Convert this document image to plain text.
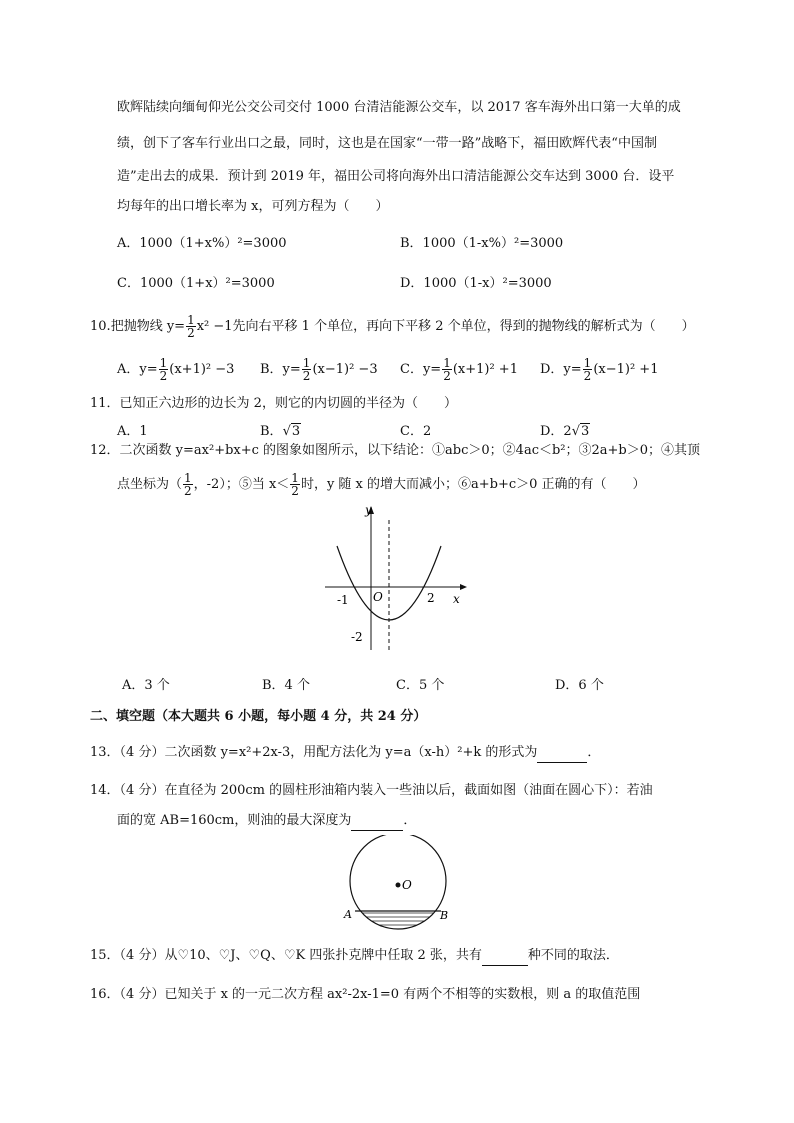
欧辉陆续向缅甸仰光公交公司交付 1000 台清洁能源公交车，以 2017 客车海外出口第一大单的成
绩，创下了客车行业出口之最，同时，这也是在国家“一带一路”战略下，福田欧辉代表“中国制
造”走出去的成果．预计到 2019 年，福田公司将向海外出口清洁能源公交车达到 3000 台．设平
均每年的出口增长率为 x，可列方程为（　　）
A．1000（1+x%）²=3000	B．1000（1-x%）²=3000
C．1000（1+x）²=3000	D．1000（1-x）²=3000
10.把抛物线 $y= \frac{1}{2} x^2 -1$先向右平移 1 个单位，再向下平移 2 个单位，得到的抛物线的解析式为（　　）
A．$y= \frac{1}{2} (x+1)^2 -3$ B．$y= \frac{1}{2} (x-1)^2 -3$ C．$y= \frac{1}{2} (x+1)^2 +1$ D．$y= \frac{1}{2} (x-1)^2 +1$
11．已知正六边形的边长为 2，则它的内切圆的半径为（　　）
A．1	B．√3	C．2	D．2√3
12．二次函数 y=ax²+bx+c 的图象如图所示，以下结论：①abc＞0；②4ac＜b²；③2a+b＞0；④其顶
点坐标为（ $\frac{1}{2}$ ，-2）；⑤当 $x< \frac{1}{2}$ 时，y 随 x 的增大而减小；⑥a+b+c＞0 正确的有（　　）
y
x
O
-1	2
-2
A．3 个	B．4 个	C．5 个	D．6 个
二、填空题（本大题共 6 小题，每小题 4 分，共 24 分）
13．（4 分）二次函数 y=x²+2x-3，用配方法化为 y=a（x-h）²+k 的形式为	．
14．（4 分）在直径为 200cm 的圆柱形油箱内装入一些油以后，截面如图（油面在圆心下）：若油
面的宽 AB=160cm，则油的最大深度为	．
O
A	B
15．（4 分）从♡10、♡J、♡Q、♡K 四张扑克牌中任取 2 张，共有	种不同的取法．
16．（4 分）已知关于 x 的一元二次方程 ax²-2x-1=0 有两个不相等的实数根，则 a 的取值范围
